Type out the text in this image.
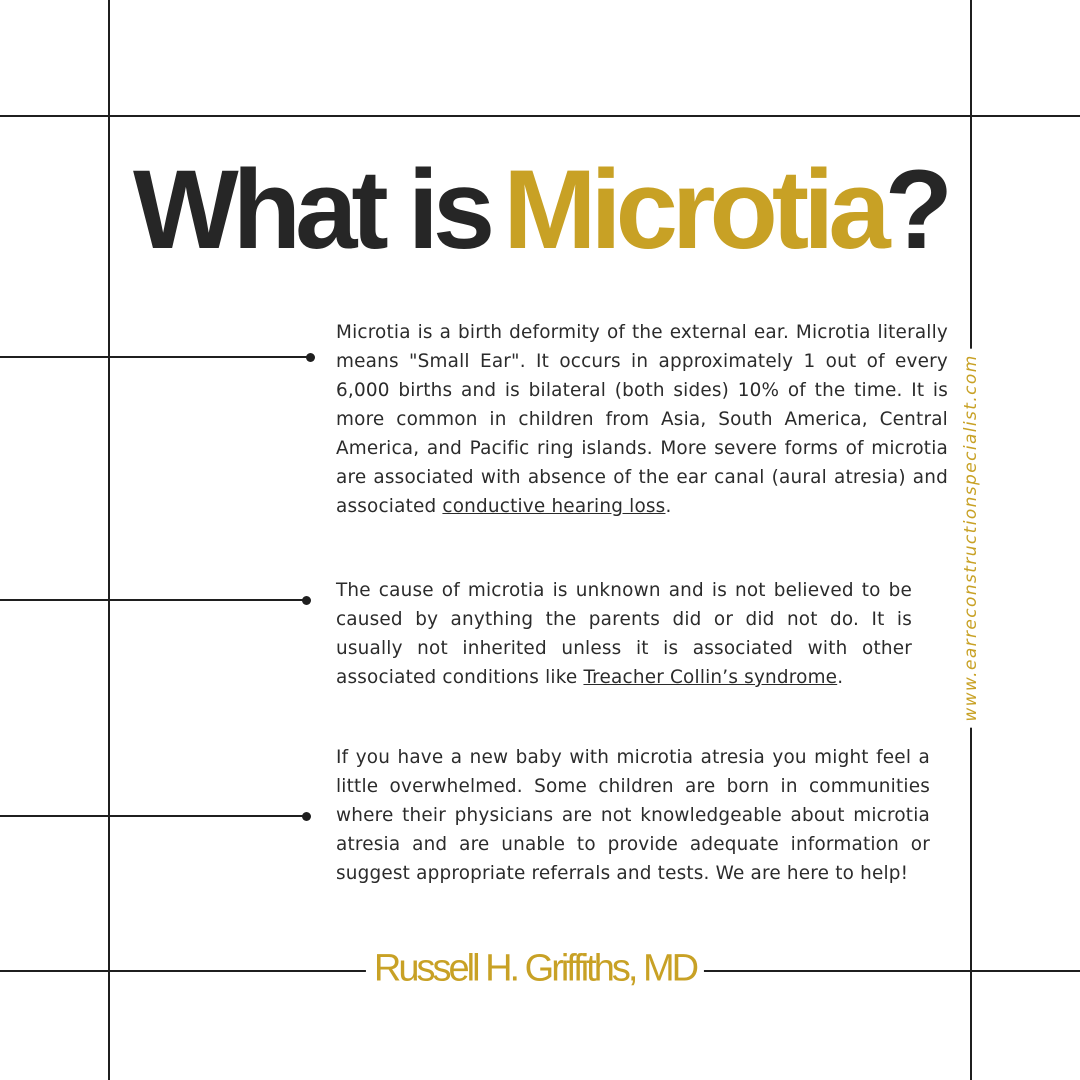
What is Microtia?

Microtia is a birth deformity of the external ear. Microtia literally means "Small Ear". It occurs in approximately 1 out of every 6,000 births and is bilateral (both sides) 10% of the time. It is more common in children from Asia, South America, Central America, and Pacific ring islands. More severe forms of microtia are associated with absence of the ear canal (aural atresia) and associated conductive hearing loss.

The cause of microtia is unknown and is not believed to be caused by anything the parents did or did not do. It is usually not inherited unless it is associated with other associated conditions like Treacher Collin’s syndrome.

If you have a new baby with microtia atresia you might feel a little overwhelmed. Some children are born in communities where their physicians are not knowledgeable about microtia atresia and are unable to provide adequate information or suggest appropriate referrals and tests. We are here to help!

www.earreconstructionspecialist.com
Russell H. Griffiths, MD
